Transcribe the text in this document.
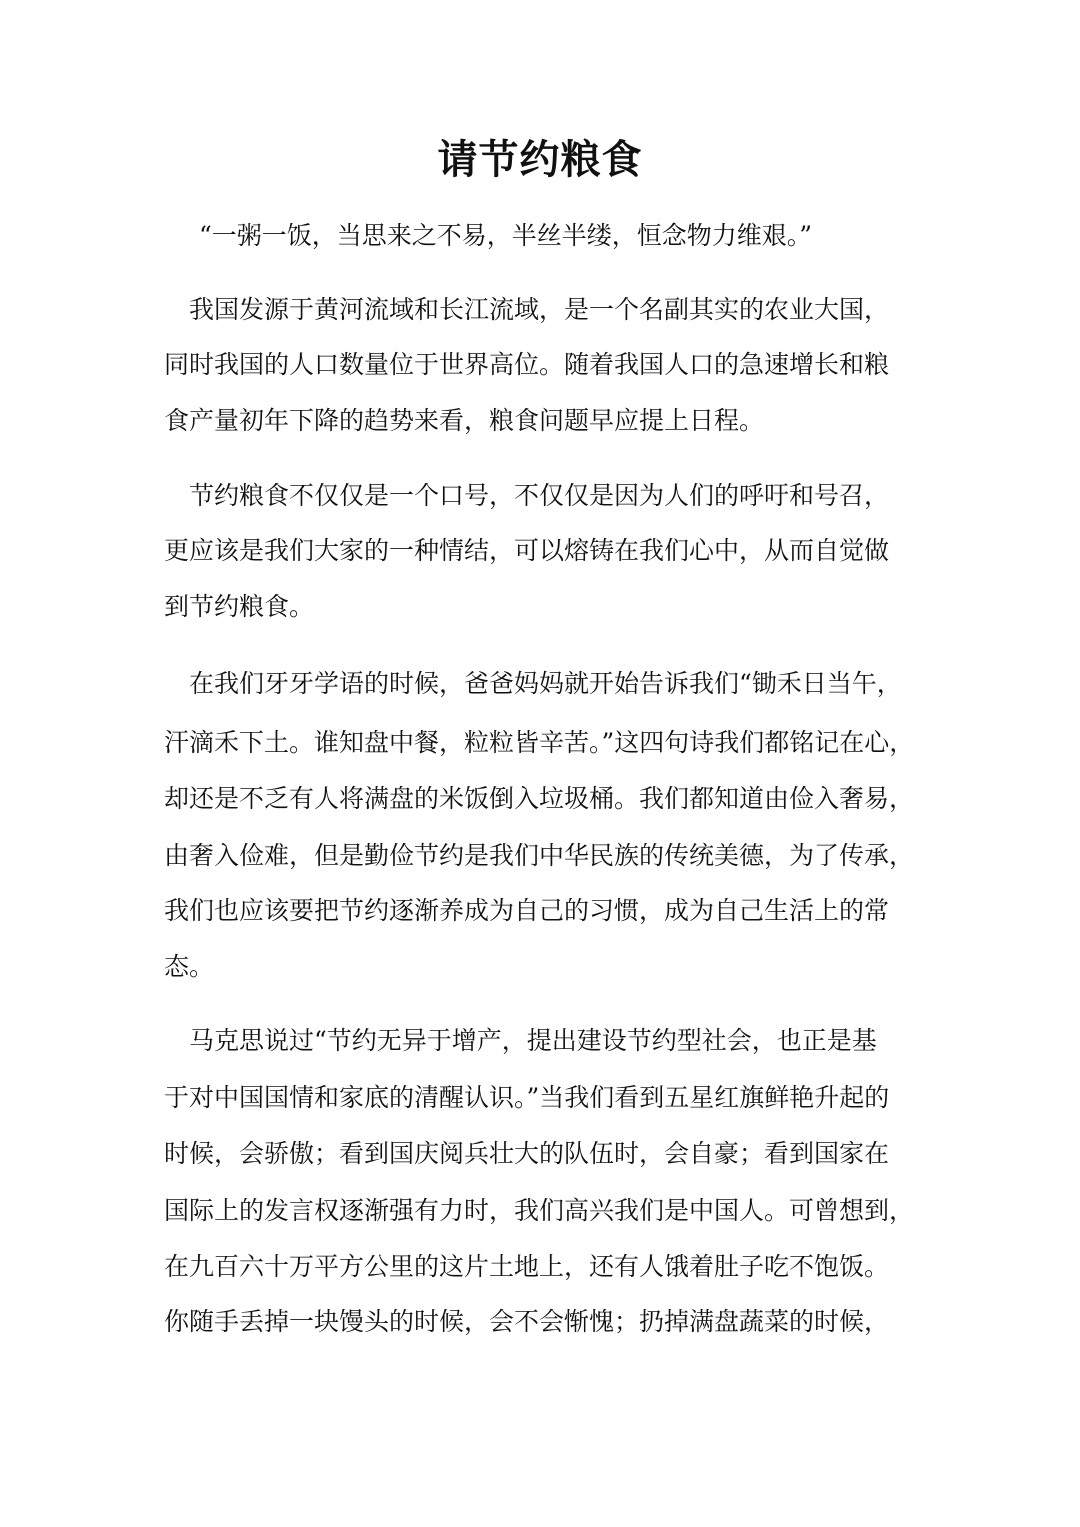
请节约粮食
“一粥一饭，当思来之不易，半丝半缕，恒念物力维艰。”
我国发源于黄河流域和长江流域，是一个名副其实的农业大国，
同时我国的人口数量位于世界高位。随着我国人口的急速增长和粮
食产量初年下降的趋势来看，粮食问题早应提上日程。
节约粮食不仅仅是一个口号，不仅仅是因为人们的呼吁和号召，
更应该是我们大家的一种情结，可以熔铸在我们心中，从而自觉做
到节约粮食。
在我们牙牙学语的时候，爸爸妈妈就开始告诉我们“锄禾日当午，
汗滴禾下土。谁知盘中餐，粒粒皆辛苦。”这四句诗我们都铭记在心，
却还是不乏有人将满盘的米饭倒入垃圾桶。我们都知道由俭入奢易，
由奢入俭难，但是勤俭节约是我们中华民族的传统美德，为了传承，
我们也应该要把节约逐渐养成为自己的习惯，成为自己生活上的常
态。
马克思说过“节约无异于增产，提出建设节约型社会，也正是基
于对中国国情和家底的清醒认识。”当我们看到五星红旗鲜艳升起的
时候，会骄傲；看到国庆阅兵壮大的队伍时，会自豪；看到国家在
国际上的发言权逐渐强有力时，我们高兴我们是中国人。可曾想到，
在九百六十万平方公里的这片土地上，还有人饿着肚子吃不饱饭。
你随手丢掉一块馒头的时候，会不会惭愧；扔掉满盘蔬菜的时候，
